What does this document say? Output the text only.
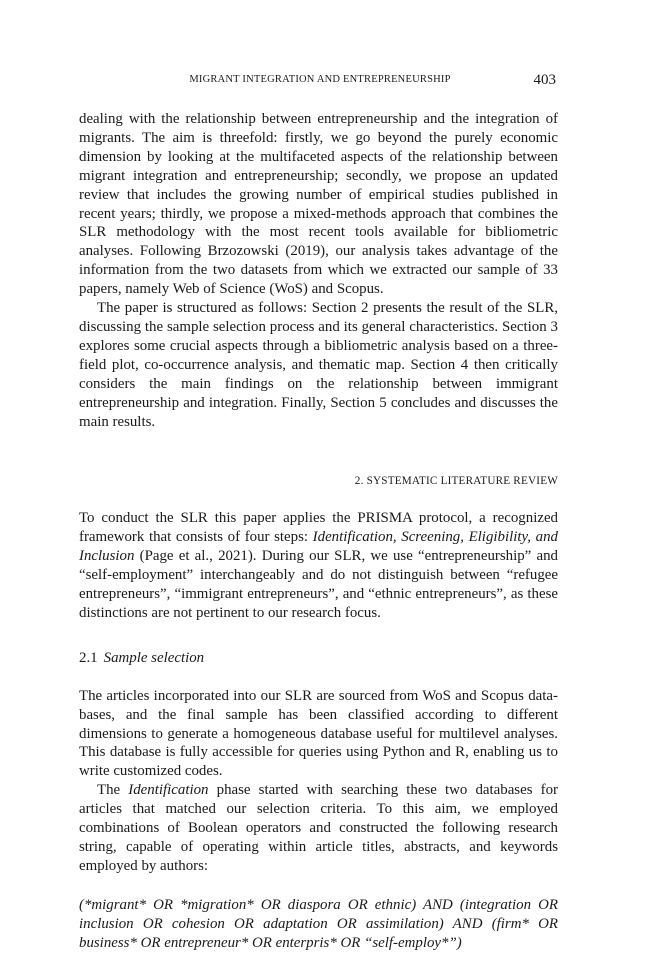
MIGRANT INTEGRATION AND ENTREPRENEURSHIP	403

dealing with the relationship between entrepreneurship and the integration of migrants. The aim is threefold: firstly, we go beyond the purely economic dimension by looking at the multifaceted aspects of the relationship between migrant integration and entrepreneurship; secondly, we propose an updated review that includes the growing number of empirical studies published in recent years; thirdly, we propose a mixed-methods approach that combines the SLR methodology with the most recent tools available for bibliometric analyses. Following Brzozowski (2019), our analysis takes advantage of the information from the two datasets from which we extracted our sample of 33 papers, namely Web of Science (WoS) and Scopus.

The paper is structured as follows: Section 2 presents the result of the SLR, discussing the sample selection process and its general characteristics. Section 3 explores some crucial aspects through a bibliometric analysis based on a three-field plot, co-occurrence analysis, and thematic map. Section 4 then critically considers the main findings on the relationship between immigrant entrepreneurship and integration. Finally, Section 5 concludes and discusses the main results.

2. SYSTEMATIC LITERATURE REVIEW

To conduct the SLR this paper applies the PRISMA protocol, a recognized framework that consists of four steps: Identification, Screening, Eligibility, and Inclusion (Page et al., 2021). During our SLR, we use “entrepreneurship” and “self-employment” interchangeably and do not distinguish between “refugee entrepreneurs”, “immigrant entrepreneurs”, and “ethnic entrepreneurs”, as these distinctions are not pertinent to our research focus.

2.1 Sample selection

The articles incorporated into our SLR are sourced from WoS and Scopus databases, and the final sample has been classified according to different dimensions to generate a homogeneous database useful for multilevel analyses. This database is fully accessible for queries using Python and R, enabling us to write customized codes.

The Identification phase started with searching these two databases for articles that matched our selection criteria. To this aim, we employed combinations of Boolean operators and constructed the following research string, capable of operating within article titles, abstracts, and keywords employed by authors:

(*migrant* OR *migration* OR diaspora OR ethnic) AND (integration OR inclusion OR cohesion OR adaptation OR assimilation) AND (firm* OR business* OR entrepreneur* OR enterpris* OR “self-employ*”)
